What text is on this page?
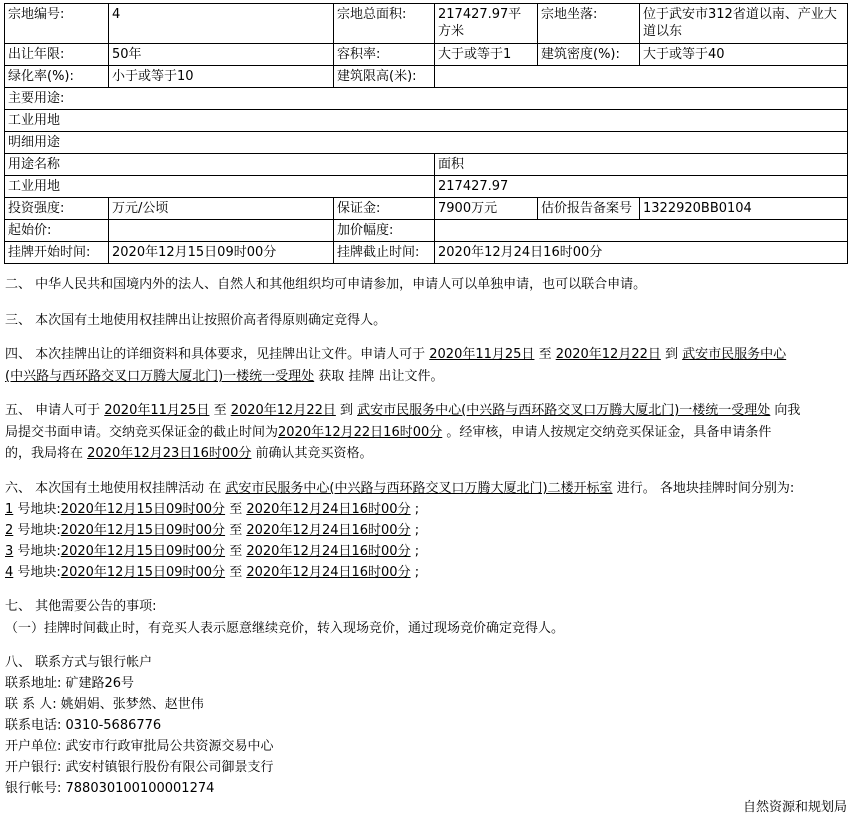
宗地编号:	4	宗地总面积:	217427.97平方米	宗地坐落:	位于武安市312省道以南、产业大道以东
出让年限:	50年	容积率:	大于或等于1	建筑密度(%):	大于或等于40
绿化率(%):	小于或等于10	建筑限高(米):			
主要用途:					
工业用地					
明细用途					
用途名称			面积		
工业用地			217427.97		
投资强度:	万元/公顷	保证金:	7900万元	估价报告备案号	1322920BB0104
起始价:		加价幅度:			
挂牌开始时间:	2020年12月15日09时00分	挂牌截止时间:	2020年12月24日16时00分		
二、 中华人民共和国境内外的法人、自然人和其他组织均可申请参加，申请人可以单独申请，也可以联合申请。
三、 本次国有土地使用权挂牌出让按照价高者得原则确定竞得人。
四、 本次挂牌出让的详细资料和具体要求，见挂牌出让文件。申请人可于 2020年11月25日 至 2020年12月22日 到 武安市民服务中心
(中兴路与西环路交叉口万腾大厦北门)一楼统一受理处 获取 挂牌 出让文件。
五、 申请人可于 2020年11月25日 至 2020年12月22日 到 武安市民服务中心(中兴路与西环路交叉口万腾大厦北门)一楼统一受理处 向我
局提交书面申请。交纳竞买保证金的截止时间为2020年12月22日16时00分 。经审核，申请人按规定交纳竞买保证金，具备申请条件
的，我局将在 2020年12月23日16时00分 前确认其竞买资格。
六、 本次国有土地使用权挂牌活动 在 武安市民服务中心(中兴路与西环路交叉口万腾大厦北门)二楼开标室 进行。 各地块挂牌时间分别为:
1 号地块:2020年12月15日09时00分 至 2020年12月24日16时00分 ;
2 号地块:2020年12月15日09时00分 至 2020年12月24日16时00分 ;
3 号地块:2020年12月15日09时00分 至 2020年12月24日16时00分 ;
4 号地块:2020年12月15日09时00分 至 2020年12月24日16时00分 ;
七、 其他需要公告的事项:
（一）挂牌时间截止时，有竞买人表示愿意继续竞价，转入现场竞价，通过现场竞价确定竞得人。
八、 联系方式与银行帐户
联系地址: 矿建路26号
联 系 人: 姚娟娟、张梦然、赵世伟
联系电话: 0310-5686776
开户单位: 武安市行政审批局公共资源交易中心
开户银行: 武安村镇银行股份有限公司御景支行
银行帐号: 788030100100001274
自然资源和规划局
